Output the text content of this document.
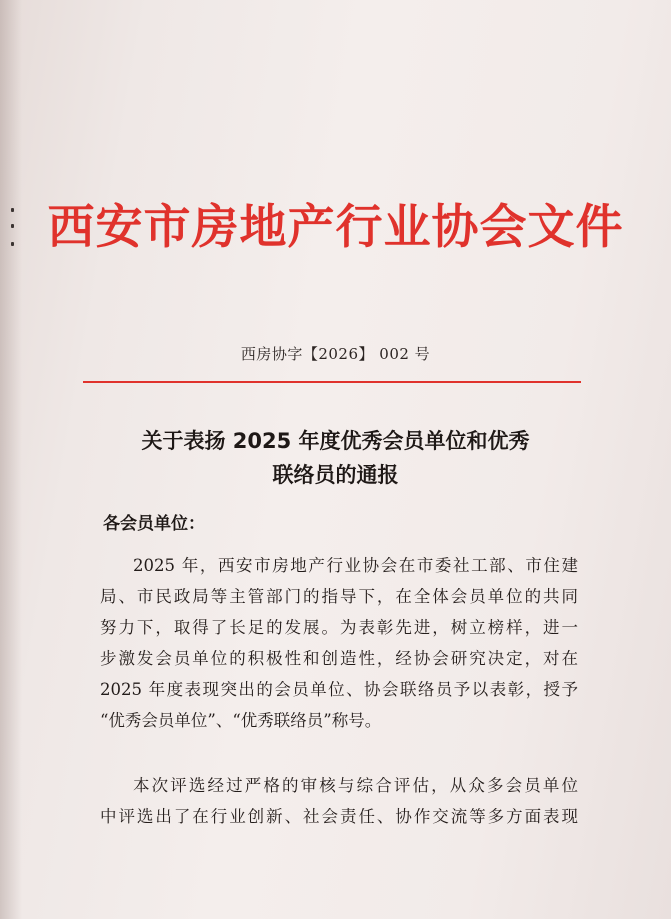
西安市房地产行业协会文件
西房协字【2026】 002 号
关于表扬 2025 年度优秀会员单位和优秀
联络员的通报
各会员单位：
2025 年，西安市房地产行业协会在市委社工部、市住建
局、市民政局等主管部门的指导下，在全体会员单位的共同
努力下，取得了长足的发展。为表彰先进，树立榜样，进一
步激发会员单位的积极性和创造性，经协会研究决定，对在
2025 年度表现突出的会员单位、协会联络员予以表彰，授予
“优秀会员单位”、“优秀联络员”称号。
本次评选经过严格的审核与综合评估，从众多会员单位
中评选出了在行业创新、社会责任、协作交流等多方面表现
